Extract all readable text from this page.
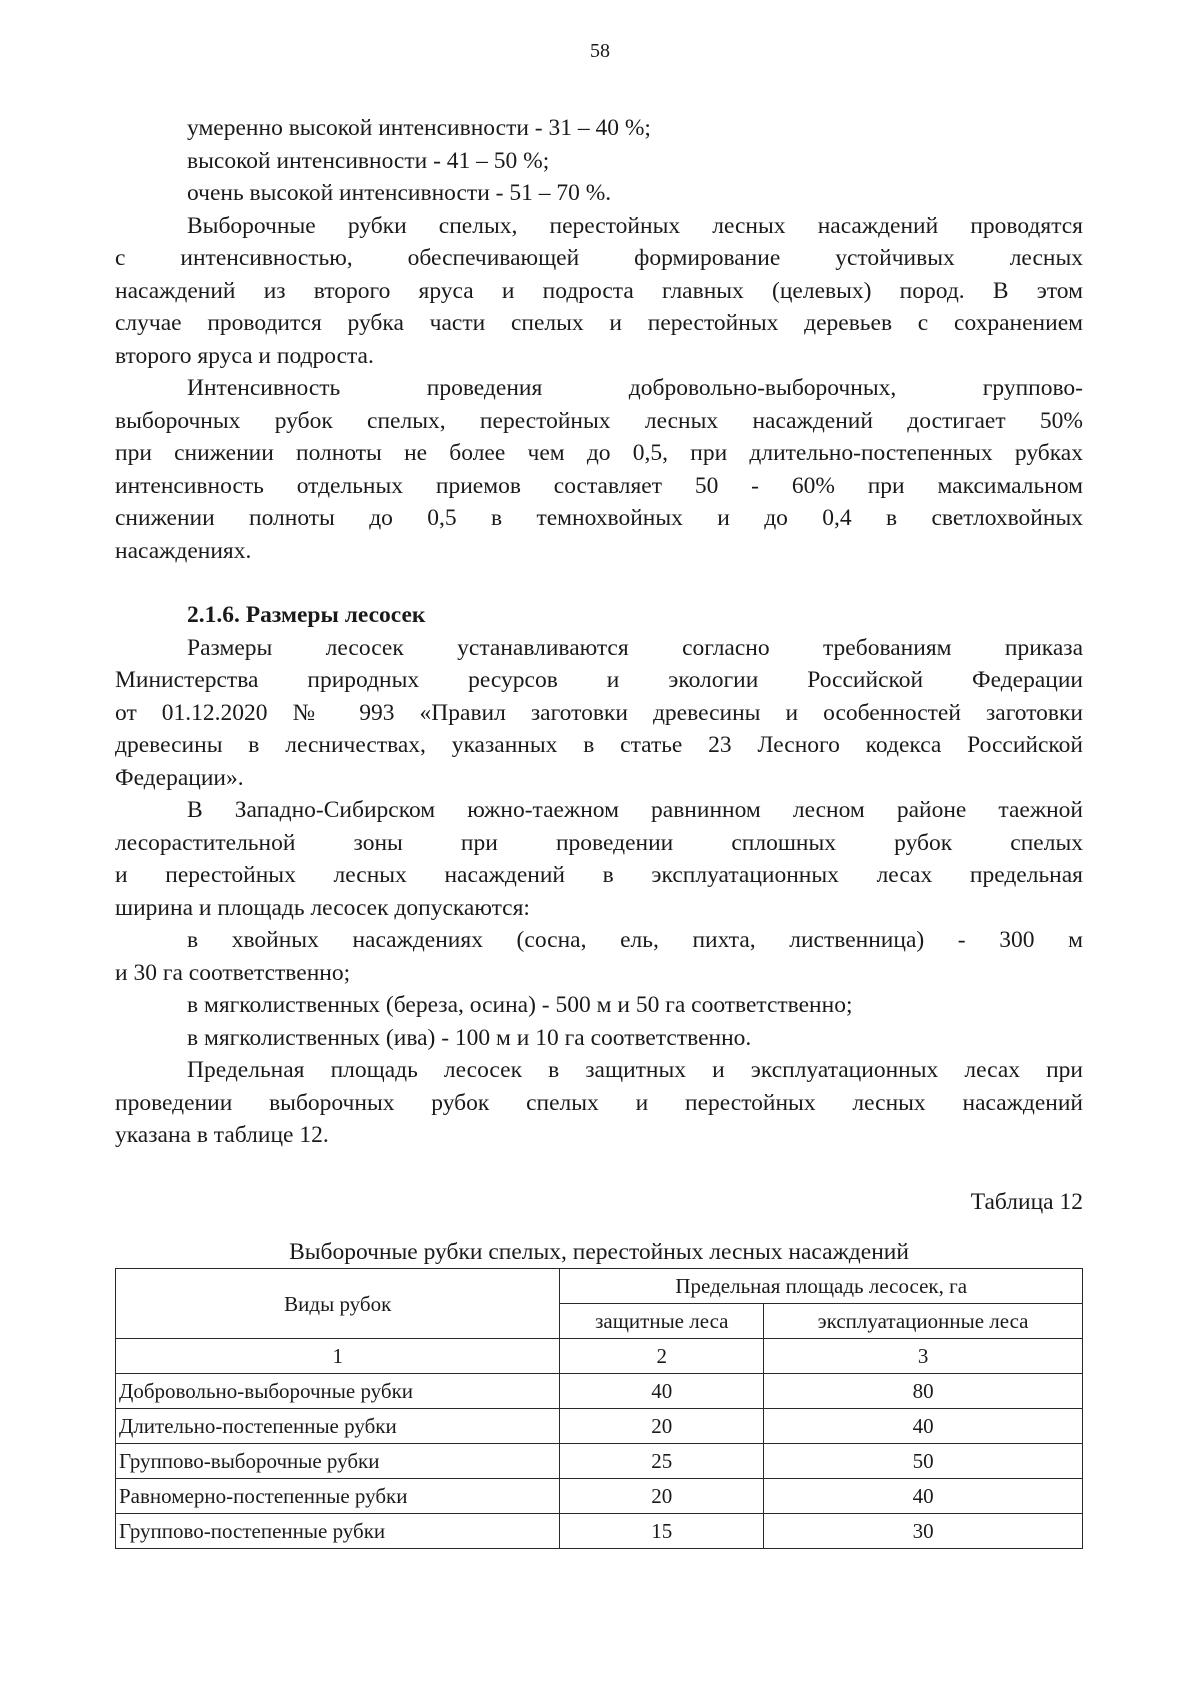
58
умеренно высокой интенсивности - 31 – 40 %;
высокой интенсивности - 41 – 50 %;
очень высокой интенсивности - 51 – 70 %.
Выборочные рубки спелых, перестойных лесных насаждений проводятся
с интенсивностью, обеспечивающей формирование устойчивых лесных
насаждений из второго яруса и подроста главных (целевых) пород. В этом
случае проводится рубка части спелых и перестойных деревьев с сохранением
второго яруса и подроста.
Интенсивность проведения добровольно-выборочных, группово-
выборочных рубок спелых, перестойных лесных насаждений достигает 50%
при снижении полноты не более чем до 0,5, при длительно-постепенных рубках
интенсивность отдельных приемов составляет 50 - 60% при максимальном
снижении полноты до 0,5 в темнохвойных и до 0,4 в светлохвойных
насаждениях.
2.1.6. Размеры лесосек
Размеры лесосек устанавливаются согласно требованиям приказа
Министерства природных ресурсов и экологии Российской Федерации
от 01.12.2020 № 993 «Правил заготовки древесины и особенностей заготовки
древесины в лесничествах, указанных в статье 23 Лесного кодекса Российской
Федерации».
В Западно-Сибирском южно-таежном равнинном лесном районе таежной
лесорастительной зоны при проведении сплошных рубок спелых
и перестойных лесных насаждений в эксплуатационных лесах предельная
ширина и площадь лесосек допускаются:
в хвойных насаждениях (сосна, ель, пихта, лиственница) - 300 м
и 30 га соответственно;
в мягколиственных (береза, осина) - 500 м и 50 га соответственно;
в мягколиственных (ива) - 100 м и 10 га соответственно.
Предельная площадь лесосек в защитных и эксплуатационных лесах при
проведении выборочных рубок спелых и перестойных лесных насаждений
указана в таблице 12.
Таблица 12
Выборочные рубки спелых, перестойных лесных насаждений
Виды рубок	Предельная площадь лесосек, га	
	защитные леса	эксплуатационные леса
1	2	3
Добровольно-выборочные рубки	40	80
Длительно-постепенные рубки	20	40
Группово-выборочные рубки	25	50
Равномерно-постепенные рубки	20	40
Группово-постепенные рубки	15	30
